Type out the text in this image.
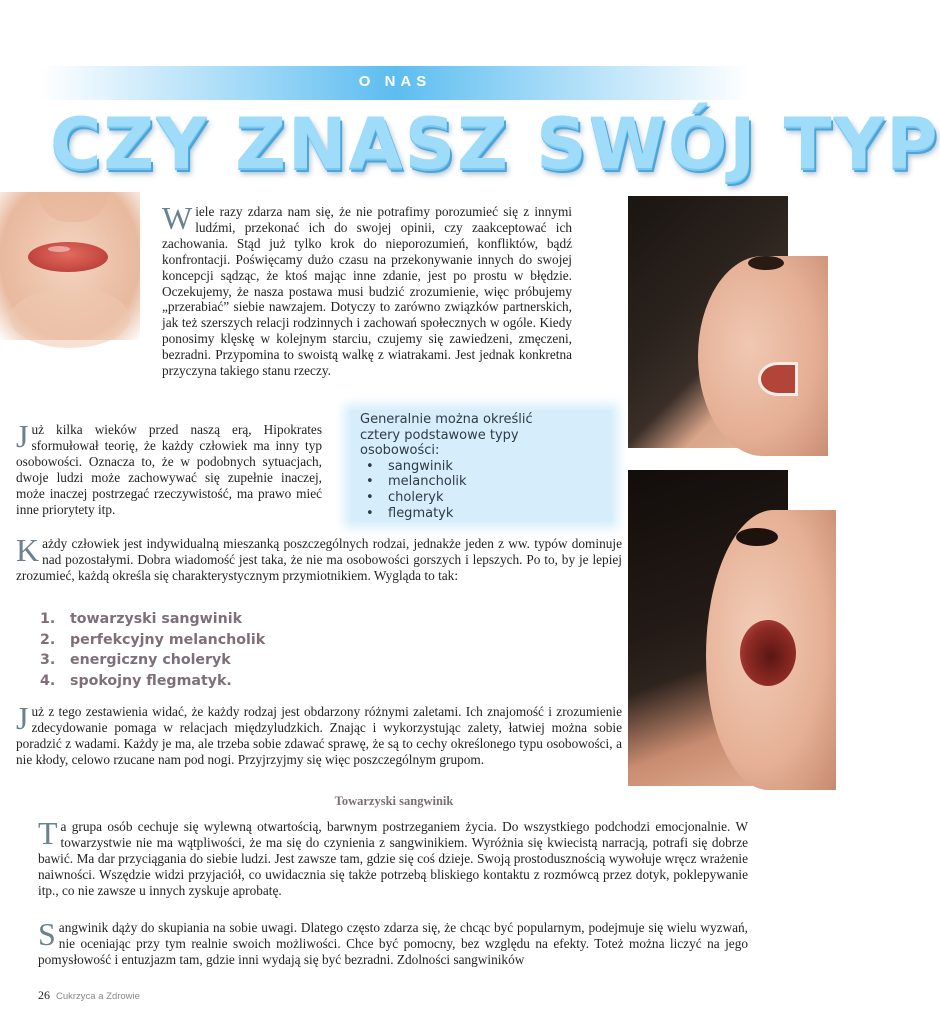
O NAS
CZY ZNASZ SWÓJ TYP
Wiele razy zdarza nam się, że nie potrafimy porozumieć się z innymi ludźmi, przekonać ich do swojej opinii, czy zaakceptować ich zachowania. Stąd już tylko krok do nieporozumień, konfliktów, bądź konfrontacji. Poświęcamy dużo czasu na przekonywanie innych do swojej koncepcji sądząc, że ktoś mając inne zdanie, jest po prostu w błędzie. Oczekujemy, że nasza postawa musi budzić zrozumienie, więc próbujemy „przerabiać” siebie nawzajem. Dotyczy to zarówno związków partnerskich, jak też szerszych relacji rodzinnych i zachowań społecznych w ogóle. Kiedy ponosimy klęskę w kolejnym starciu, czujemy się zawiedzeni, zmęczeni, bezradni. Przypomina to swoistą walkę z wiatrakami. Jest jednak konkretna przyczyna takiego stanu rzeczy.
Już kilka wieków przed naszą erą, Hipokrates sformułował teorię, że każdy człowiek ma inny typ osobowości. Oznacza to, że w podobnych sytuacjach, dwoje ludzi może zachowywać się zupełnie inaczej, może inaczej postrzegać rzeczywistość, ma prawo mieć inne priorytety itp.
Generalnie można określić cztery podstawowe typy osobowości:
• sangwinik
• melancholik
• choleryk
• flegmatyk
Każdy człowiek jest indywidualną mieszanką poszczególnych rodzai, jednakże jeden z ww. typów dominuje nad pozostałymi. Dobra wiadomość jest taka, że nie ma osobowości gorszych i lepszych. Po to, by je lepiej zrozumieć, każdą określa się charakterystycznym przymiotnikiem. Wygląda to tak:
1. towarzyski sangwinik
2. perfekcyjny melancholik
3. energiczny choleryk
4. spokojny flegmatyk.
Już z tego zestawienia widać, że każdy rodzaj jest obdarzony różnymi zaletami. Ich znajomość i zrozumienie zdecydowanie pomaga w relacjach międzyludzkich. Znając i wykorzystując zalety, łatwiej można sobie poradzić z wadami. Każdy je ma, ale trzeba sobie zdawać sprawę, że są to cechy określonego typu osobowości, a nie kłody, celowo rzucane nam pod nogi. Przyjrzyjmy się więc poszczególnym grupom.
Towarzyski sangwinik
Ta grupa osób cechuje się wylewną otwartością, barwnym postrzeganiem życia. Do wszystkiego podchodzi emocjonalnie. W towarzystwie nie ma wątpliwości, że ma się do czynienia z sangwinikiem. Wyróżnia się kwiecistą narracją, potrafi się dobrze bawić. Ma dar przyciągania do siebie ludzi. Jest zawsze tam, gdzie się coś dzieje. Swoją prostodusznością wywołuje wręcz wrażenie naiwności. Wszędzie widzi przyjaciół, co uwidacznia się także potrzebą bliskiego kontaktu z rozmówcą przez dotyk, poklepywanie itp., co nie zawsze u innych zyskuje aprobatę.
Sangwinik dąży do skupiania na sobie uwagi. Dlatego często zdarza się, że chcąc być popularnym, podejmuje się wielu wyzwań, nie oceniając przy tym realnie swoich możliwości. Chce być pomocny, bez względu na efekty. Toteż można liczyć na jego pomysłowość i entuzjazm tam, gdzie inni wydają się być bezradni. Zdolności sangwiników
26 Cukrzyca a Zdrowie
